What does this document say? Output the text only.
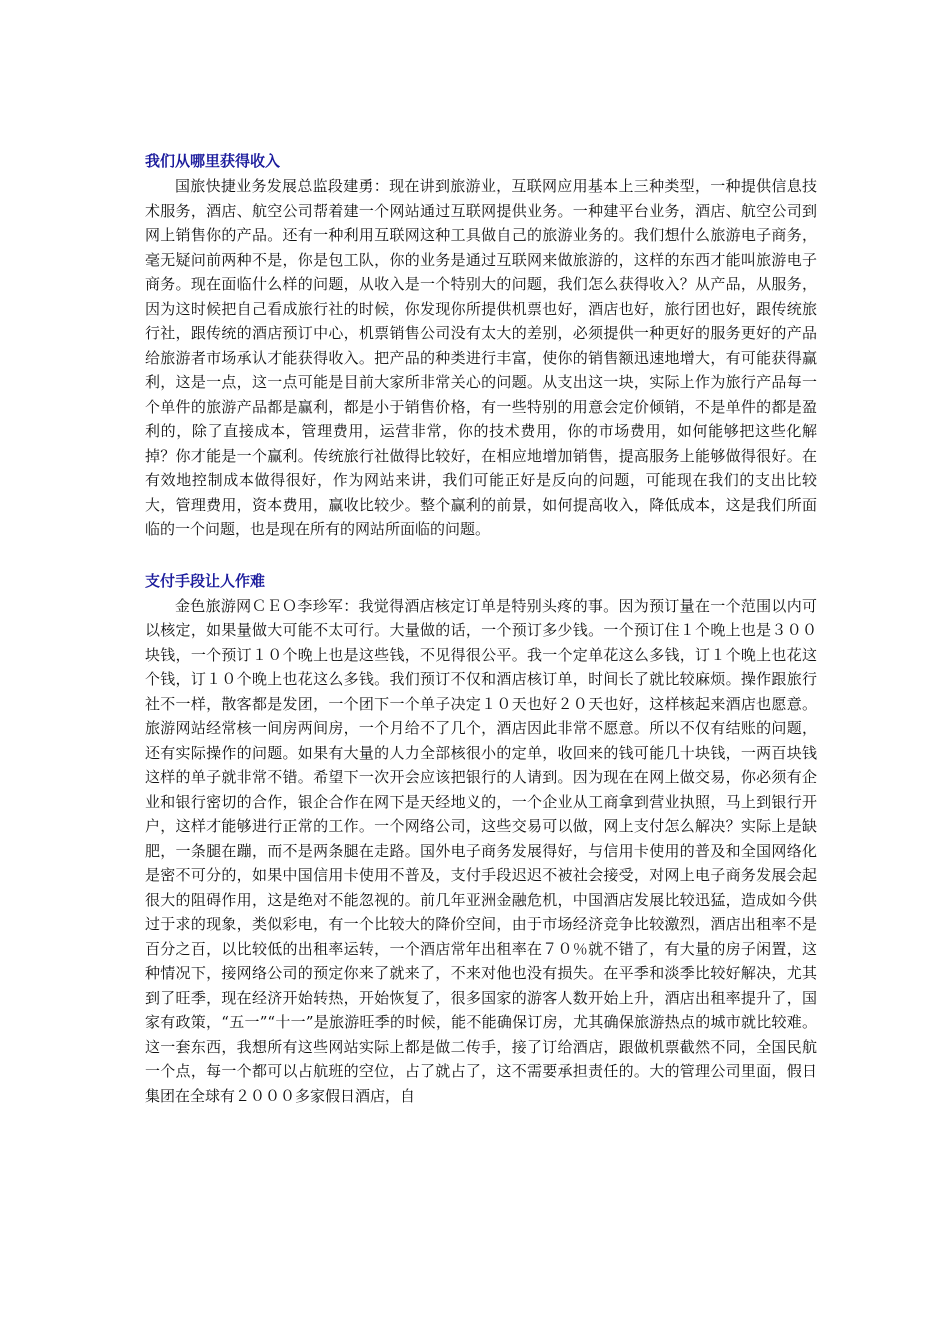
我们从哪里获得收入

国旅快捷业务发展总监段建勇：现在讲到旅游业，互联网应用基本上三种类型，一种提供信息技术服务，酒店、航空公司帮着建一个网站通过互联网提供业务。一种建平台业务，酒店、航空公司到网上销售你的产品。还有一种利用互联网这种工具做自己的旅游业务的。我们想什么旅游电子商务，毫无疑问前两种不是，你是包工队，你的业务是通过互联网来做旅游的，这样的东西才能叫旅游电子商务。现在面临什么样的问题，从收入是一个特别大的问题，我们怎么获得收入？从产品，从服务，因为这时候把自己看成旅行社的时候，你发现你所提供机票也好，酒店也好，旅行团也好，跟传统旅行社，跟传统的酒店预订中心，机票销售公司没有太大的差别，必须提供一种更好的服务更好的产品给旅游者市场承认才能获得收入。把产品的种类进行丰富，使你的销售额迅速地增大，有可能获得赢利，这是一点，这一点可能是目前大家所非常关心的问题。从支出这一块，实际上作为旅行产品每一个单件的旅游产品都是赢利，都是小于销售价格，有一些特别的用意会定价倾销，不是单件的都是盈利的，除了直接成本，管理费用，运营非常，你的技术费用，你的市场费用，如何能够把这些化解掉？你才能是一个赢利。传统旅行社做得比较好，在相应地增加销售，提高服务上能够做得很好。在有效地控制成本做得很好，作为网站来讲，我们可能正好是反向的问题，可能现在我们的支出比较大，管理费用，资本费用，赢收比较少。整个赢利的前景，如何提高收入，降低成本，这是我们所面临的一个问题，也是现在所有的网站所面临的问题。

支付手段让人作难

金色旅游网ＣＥＯ李珍军：我觉得酒店核定订单是特别头疼的事。因为预订量在一个范围以内可以核定，如果量做大可能不太可行。大量做的话，一个预订多少钱。一个预订住１个晚上也是３００块钱，一个预订１０个晚上也是这些钱，不见得很公平。我一个定单花这么多钱，订１个晚上也花这个钱，订１０个晚上也花这么多钱。我们预订不仅和酒店核订单，时间长了就比较麻烦。操作跟旅行社不一样，散客都是发团，一个团下一个单子决定１０天也好２０天也好，这样核起来酒店也愿意。旅游网站经常核一间房两间房，一个月给不了几个，酒店因此非常不愿意。所以不仅有结账的问题，还有实际操作的问题。如果有大量的人力全部核很小的定单，收回来的钱可能几十块钱，一两百块钱这样的单子就非常不错。希望下一次开会应该把银行的人请到。因为现在在网上做交易，你必须有企业和银行密切的合作，银企合作在网下是天经地义的，一个企业从工商拿到营业执照，马上到银行开户，这样才能够进行正常的工作。一个网络公司，这些交易可以做，网上支付怎么解决？实际上是缺肥，一条腿在蹦，而不是两条腿在走路。国外电子商务发展得好，与信用卡使用的普及和全国网络化是密不可分的，如果中国信用卡使用不普及，支付手段迟迟不被社会接受，对网上电子商务发展会起很大的阻碍作用，这是绝对不能忽视的。前几年亚洲金融危机，中国酒店发展比较迅猛，造成如今供过于求的现象，类似彩电，有一个比较大的降价空间，由于市场经济竞争比较激烈，酒店出租率不是百分之百，以比较低的出租率运转，一个酒店常年出租率在７０％就不错了，有大量的房子闲置，这种情况下，接网络公司的预定你来了就来了，不来对他也没有损失。在平季和淡季比较好解决，尤其到了旺季，现在经济开始转热，开始恢复了，很多国家的游客人数开始上升，酒店出租率提升了，国家有政策，“五一”“十一”是旅游旺季的时候，能不能确保订房，尤其确保旅游热点的城市就比较难。这一套东西，我想所有这些网站实际上都是做二传手，接了订给酒店，跟做机票截然不同，全国民航一个点，每一个都可以占航班的空位，占了就占了，这不需要承担责任的。大的管理公司里面，假日集团在全球有２０００多家假日酒店，自
